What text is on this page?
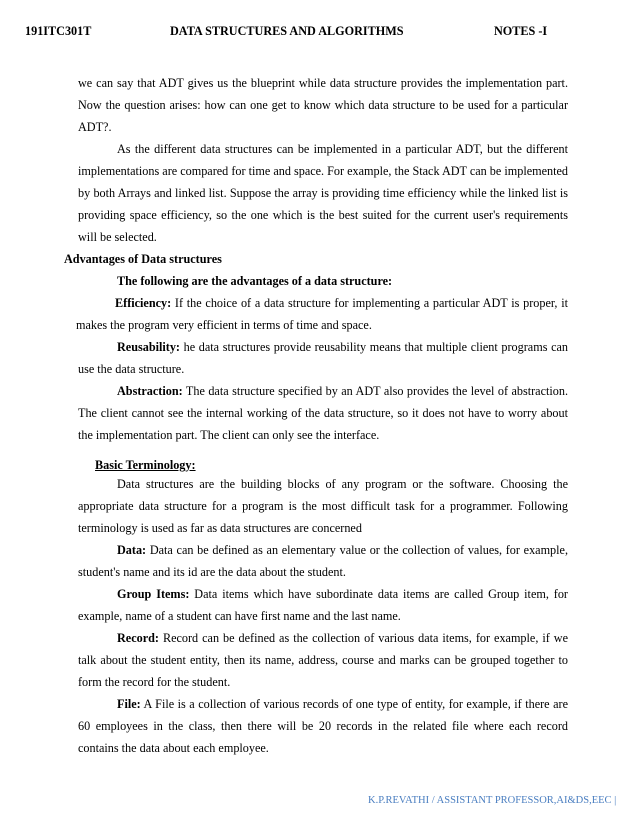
191ITC301T	DATA STRUCTURES AND ALGORITHMS	NOTES -I

we can say that ADT gives us the blueprint while data structure provides the implementation part. Now the question arises: how can one get to know which data structure to be used for a particular ADT?.

As the different data structures can be implemented in a particular ADT, but the different implementations are compared for time and space. For example, the Stack ADT can be implemented by both Arrays and linked list. Suppose the array is providing time efficiency while the linked list is providing space efficiency, so the one which is the best suited for the current user's requirements will be selected.

Advantages of Data structures

The following are the advantages of a data structure:

Efficiency: If the choice of a data structure for implementing a particular ADT is proper, it makes the program very efficient in terms of time and space.

Reusability: he data structures provide reusability means that multiple client programs can use the data structure.

Abstraction: The data structure specified by an ADT also provides the level of abstraction. The client cannot see the internal working of the data structure, so it does not have to worry about the implementation part. The client can only see the interface.

Basic Terminology:

Data structures are the building blocks of any program or the software. Choosing the appropriate data structure for a program is the most difficult task for a programmer. Following terminology is used as far as data structures are concerned

Data: Data can be defined as an elementary value or the collection of values, for example, student's name and its id are the data about the student.

Group Items: Data items which have subordinate data items are called Group item, for example, name of a student can have first name and the last name.

Record: Record can be defined as the collection of various data items, for example, if we talk about the student entity, then its name, address, course and marks can be grouped together to form the record for the student.

File: A File is a collection of various records of one type of entity, for example, if there are 60 employees in the class, then there will be 20 records in the related file where each record contains the data about each employee.

K.P.REVATHI / ASSISTANT PROFESSOR,AI&DS,EEC |
